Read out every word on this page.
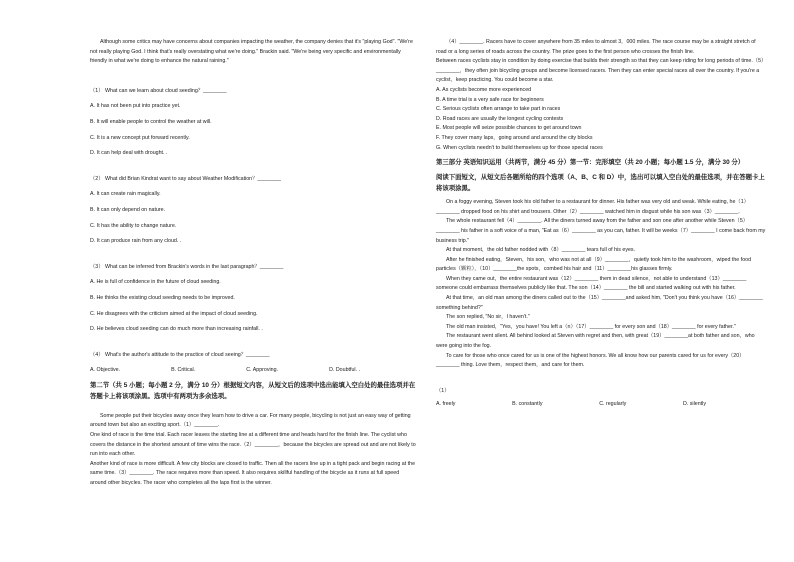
Although some critics may have concerns about companies impacting the weather, the company denies that it's "playing God". "We're not really playing God. I think that's really overstating what we're doing." Brackin said. "We're being very specific and environmentally friendly in what we're doing to enhance the natural raining."

（1） What can we learn about cloud seeding？________

A. It has not been put into practice yet.

B. It will enable people to control the weather at will.

C. It is a new concept put forward recently.

D. It can help deal with drought. .

（2） What did Brian Kindrat want to say about Weather Modification？________

A. It can create rain magically.

B. It can only depend on nature.

C. It has the ability to change nature.

D. It can produce rain from any cloud. .

（3） What can be inferred from Brackin's words in the last paragraph？________

A. He is full of confidence in the future of cloud seeding.

B. He thinks the existing cloud seeding needs to be improved.

C. He disagrees with the criticism aimed at the impact of cloud seeding.

D. He believes cloud seeding can do much more than increasing rainfall. .

（4） What's the author's attitude to the practice of cloud seeing？________

A. Objective.	B. Critical.	C. Approving.	D. Doubtful. .

第二节（共 5 小题；每小题 2 分，满分 10 分）根据短文内容，从短文后的选项中选出能填入空白处的最佳选项并在答题卡上将该项涂黑。选项中有两项为多余选项。

Some people put their bicycles away once they learn how to drive a car. For many people, bicycling is not just an easy way of getting around town but also an exciting sport.（1）________.

One kind of race is the time trial. Each racer leaves the starting line at a different time and heads hard for the finish line. The cyclist who covers the distance in the shortest amount of time wins the race.（2）________，because the bicycles are spread out and are not likely to run into each other.

Another kind of race is more difficult. A few city blocks are closed to traffic. Then all the racers line up in a tight pack and begin racing at the same time.（3）________. The race requires more than speed. It also requires skillful handling of the bicycle as it runs at full speed around other bicycles. The racer who completes all the laps first is the winner.

（4）________. Racers have to cover anywhere from 35 miles to almost 3，000 miles. The race course may be a straight stretch of road or a long series of roads across the country. The prize goes to the first person who crosses the finish line.

Between races cyclists stay in condition by doing exercise that builds their strength so that they can keep riding for long periods of time.（5）________，they often join bicycling groups and become licensed racers. Then they can enter special races all over the country. If you're a cyclist，keep practicing. You could become a star.

A. As cyclists become more experienced

B. A time trial is a very safe race for beginners

C. Serious cyclists often arrange to take part in races

D. Road races are usually the longest cycling contests

E. Most people will seize possible chances to get around town

F. They cover many laps，going around and around the city blocks

G. When cyclists needn't to build themselves up for those special races

第三部分 英语知识运用（共两节，满分 45 分）第一节：完形填空（共 20 小题；每小题 1.5 分，满分 30 分）

阅读下面短文，从短文后各题所给的四个选项（A、B、C 和 D）中，选出可以填入空白处的最佳选项，并在答题卡上将该项涂黑。

On a foggy evening, Steven took his old father to a restaurant for dinner. His father was very old and weak. While eating, he（1）________ dropped food on his shirt and trousers. Other（2）________ watched him in disgust while his son was（3）________.

The whole restaurant fell（4）________. All the diners turned away from the father and son one after another while Steven（5）________ his father in a soft voice of a man, "Eat as（6）________ as you can, father. It will be weeks（7）________ I come back from my business trip."

At that moment，the old father nodded with（8）________ tears full of his eyes.

After he finished eating，Steven，his son，who was not at all（9）________，quietly took him to the washroom，wiped the food particles（颗粒），（10）________the spots，combed his hair and（11）________his glasses firmly.

When they came out，the entire restaurant was（12）________ them in dead silence，not able to understand（13）________ someone could embarrass themselves publicly like that. The son（14）________ the bill and started walking out with his father.

At that time，an old man among the diners called out to the（15）________and asked him, "Don't you think you have（16）________ something behind?"

The son replied, "No sir，I haven't."

The old man insisted，"Yes，you have! You left a（n）（17）________ for every son and（18）________ for every father."

The restaurant went silent. All behind looked at Steven with regret and then, with great（19）________at both father and son，who were going into the fog.

To care for those who once cared for us is one of the highest honors. We all know how our parents cared for us for every（20）________ thing. Love them，respect them，and care for them.

（1）

A. freely	B. constantly	C. regularly	D. silently
